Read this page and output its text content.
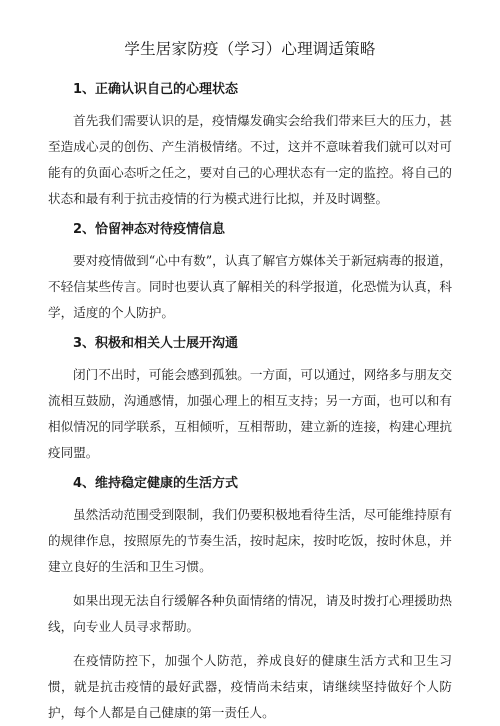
学生居家防疫（学习）心理调适策略
1、正确认识自己的心理状态

首先我们需要认识的是，疫情爆发确实会给我们带来巨大的压力，甚至造成心灵的创伤、产生消极情绪。不过，这并不意味着我们就可以对可能有的负面心态听之任之，要对自己的心理状态有一定的监控。将自己的状态和最有利于抗击疫情的行为模式进行比拟，并及时调整。

2、恰留神态对待疫情信息

要对疫情做到“心中有数”，认真了解官方媒体关于新冠病毒的报道，不轻信某些传言。同时也要认真了解相关的科学报道，化恐慌为认真，科学，适度的个人防护。

3、积极和相关人士展开沟通

闭门不出时，可能会感到孤独。一方面，可以通过，网络多与朋友交流相互鼓励，沟通感情，加强心理上的相互支持；另一方面，也可以和有相似情况的同学联系，互相倾听，互相帮助，建立新的连接，构建心理抗疫同盟。

4、维持稳定健康的生活方式

虽然活动范围受到限制，我们仍要积极地看待生活，尽可能维持原有的规律作息，按照原先的节奏生活，按时起床，按时吃饭，按时休息，并建立良好的生活和卫生习惯。

如果出现无法自行缓解各种负面情绪的情况，请及时拨打心理援助热线，向专业人员寻求帮助。

在疫情防控下，加强个人防范，养成良好的健康生活方式和卫生习惯，就是抗击疫情的最好武器，疫情尚未结束，请继续坚持做好个人防护，每个人都是自己健康的第一责任人。
